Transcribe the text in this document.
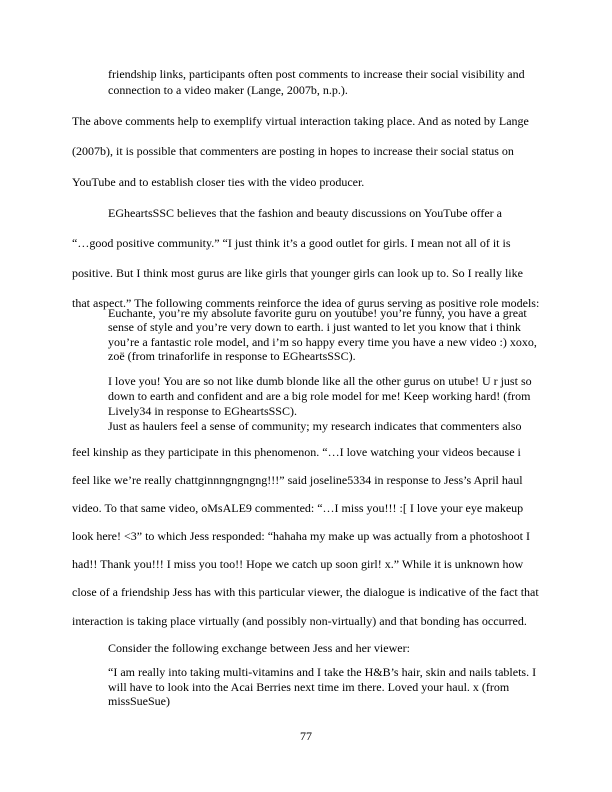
friendship links, participants often post comments to increase their social visibility and
connection to a video maker (Lange, 2007b, n.p.).
The above comments help to exemplify virtual interaction taking place. And as noted by Lange
(2007b), it is possible that commenters are posting in hopes to increase their social status on
YouTube and to establish closer ties with the video producer.
EGheartsSSC believes that the fashion and beauty discussions on YouTube offer a
“…good positive community.” “I just think it’s a good outlet for girls. I mean not all of it is
positive. But I think most gurus are like girls that younger girls can look up to. So I really like
that aspect.” The following comments reinforce the idea of gurus serving as positive role models:
Euchante, you’re my absolute favorite guru on youtube! you’re funny, you have a great
sense of style and you’re very down to earth. i just wanted to let you know that i think
you’re a fantastic role model, and i’m so happy every time you have a new video :) xoxo,
zoë (from trinaforlife in response to EGheartsSSC).
I love you! You are so not like dumb blonde like all the other gurus on utube! U r just so
down to earth and confident and are a big role model for me! Keep working hard! (from
Lively34 in response to EGheartsSSC).
Just as haulers feel a sense of community; my research indicates that commenters also
feel kinship as they participate in this phenomenon. “…I love watching your videos because i
feel like we’re really chattginnngngngng!!!” said joseline5334 in response to Jess’s April haul
video. To that same video, oMsALE9 commented: “…I miss you!!! :[ I love your eye makeup
look here! <3” to which Jess responded: “hahaha my make up was actually from a photoshoot I
had!! Thank you!!! I miss you too!! Hope we catch up soon girl! x.” While it is unknown how
close of a friendship Jess has with this particular viewer, the dialogue is indicative of the fact that
interaction is taking place virtually (and possibly non-virtually) and that bonding has occurred.
Consider the following exchange between Jess and her viewer:
“I am really into taking multi-vitamins and I take the H&B’s hair, skin and nails tablets. I
will have to look into the Acai Berries next time im there. Loved your haul. x (from
missSueSue)
77
